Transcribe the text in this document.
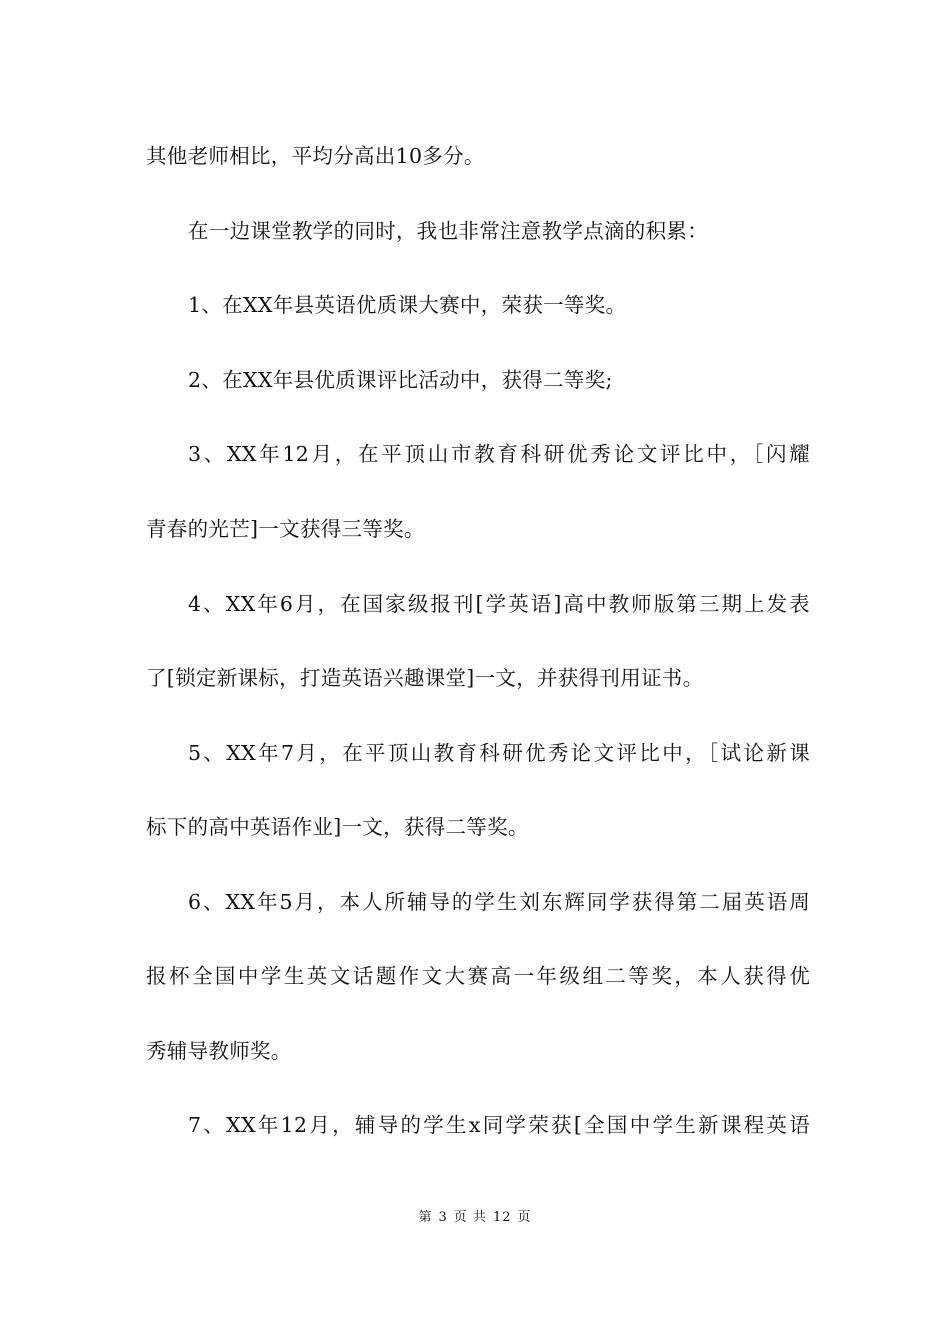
其他老师相比，平均分高出10多分。
在一边课堂教学的同时，我也非常注意教学点滴的积累：
1、在XX年县英语优质课大赛中，荣获一等奖。
2、在XX年县优质课评比活动中，获得二等奖;
3、XX年12月，在平顶山市教育科研优秀论文评比中，［闪耀
青春的光芒]一文获得三等奖。
4、XX年6月，在国家级报刊[学英语]高中教师版第三期上发表
了[锁定新课标，打造英语兴趣课堂]一文，并获得刊用证书。
5、XX年7月，在平顶山教育科研优秀论文评比中，［试论新课
标下的高中英语作业]一文，获得二等奖。
6、XX年5月，本人所辅导的学生刘东辉同学获得第二届英语周
报杯全国中学生英文话题作文大赛高一年级组二等奖，本人获得优
秀辅导教师奖。
7、XX年12月，辅导的学生x同学荣获[全国中学生新课程英语
第 3 页 共 12 页
